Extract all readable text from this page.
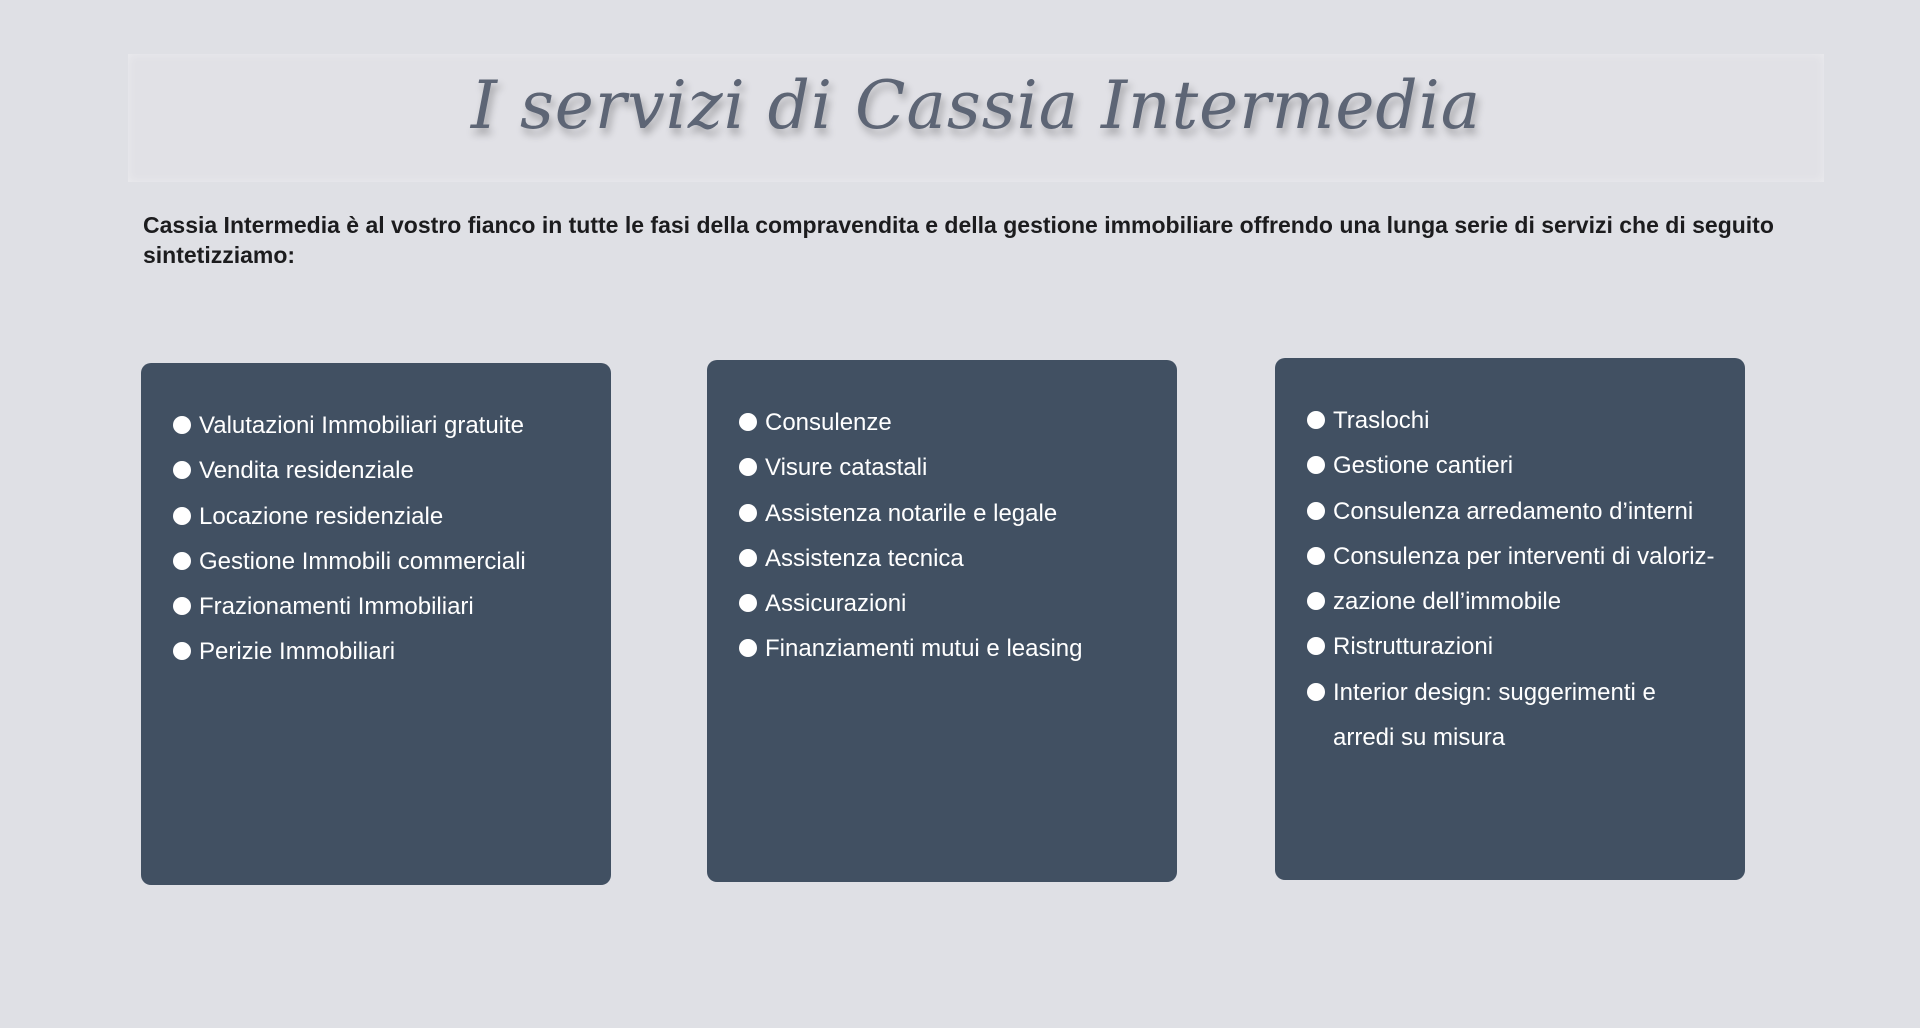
I servizi di Cassia Intermedia
Cassia Intermedia è al vostro fianco in tutte le fasi della compravendita e della gestione immobiliare offrendo una lunga serie di servizi che di seguito sintetizziamo:
Valutazioni Immobiliari gratuite
Vendita residenziale
Locazione residenziale
Gestione Immobili commerciali
Frazionamenti Immobiliari
Perizie Immobiliari
Consulenze
Visure catastali
Assistenza notarile e legale
Assistenza tecnica
Assicurazioni
Finanziamenti mutui e leasing
Traslochi
Gestione cantieri
Consulenza arredamento d’interni
Consulenza per interventi di valoriz-
zazione dell’immobile
Ristrutturazioni
Interior design: suggerimenti e
arredi su misura
